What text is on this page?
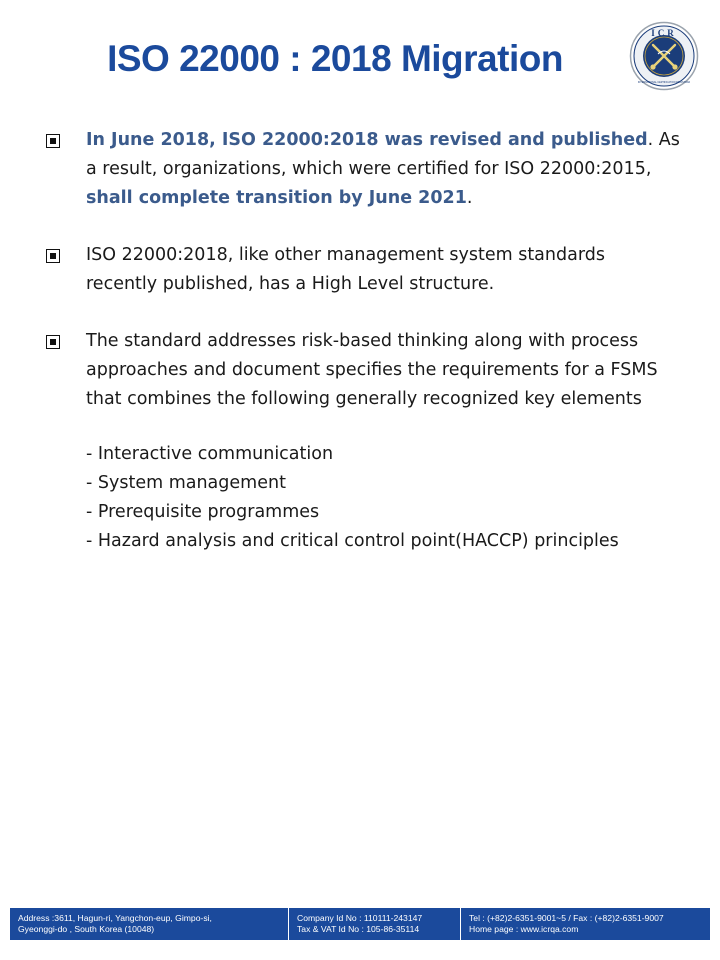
ISO 22000 : 2018 Migration
ICR
INTERNATIONAL CERTIFICATION REGISTRAR
In June 2018, ISO 22000:2018 was revised and published. As a result, organizations, which were certified for ISO 22000:2015, shall complete transition by June 2021.
ISO 22000:2018, like other management system standards recently published, has a High Level structure.
The standard addresses risk-based thinking along with process approaches and document specifies the requirements for a FSMS that combines the following generally recognized key elements
- Interactive communication
- System management
- Prerequisite programmes
- Hazard analysis and critical control point(HACCP) principles
Address :3611, Hagun-ri, Yangchon-eup, Gimpo-si,
Gyeonggi-do , South Korea (10048)
Company Id No : 110111-243147
Tax & VAT Id No : 105-86-35114
Tel : (+82)2-6351-9001~5 / Fax : (+82)2-6351-9007
Home page : www.icrqa.com
